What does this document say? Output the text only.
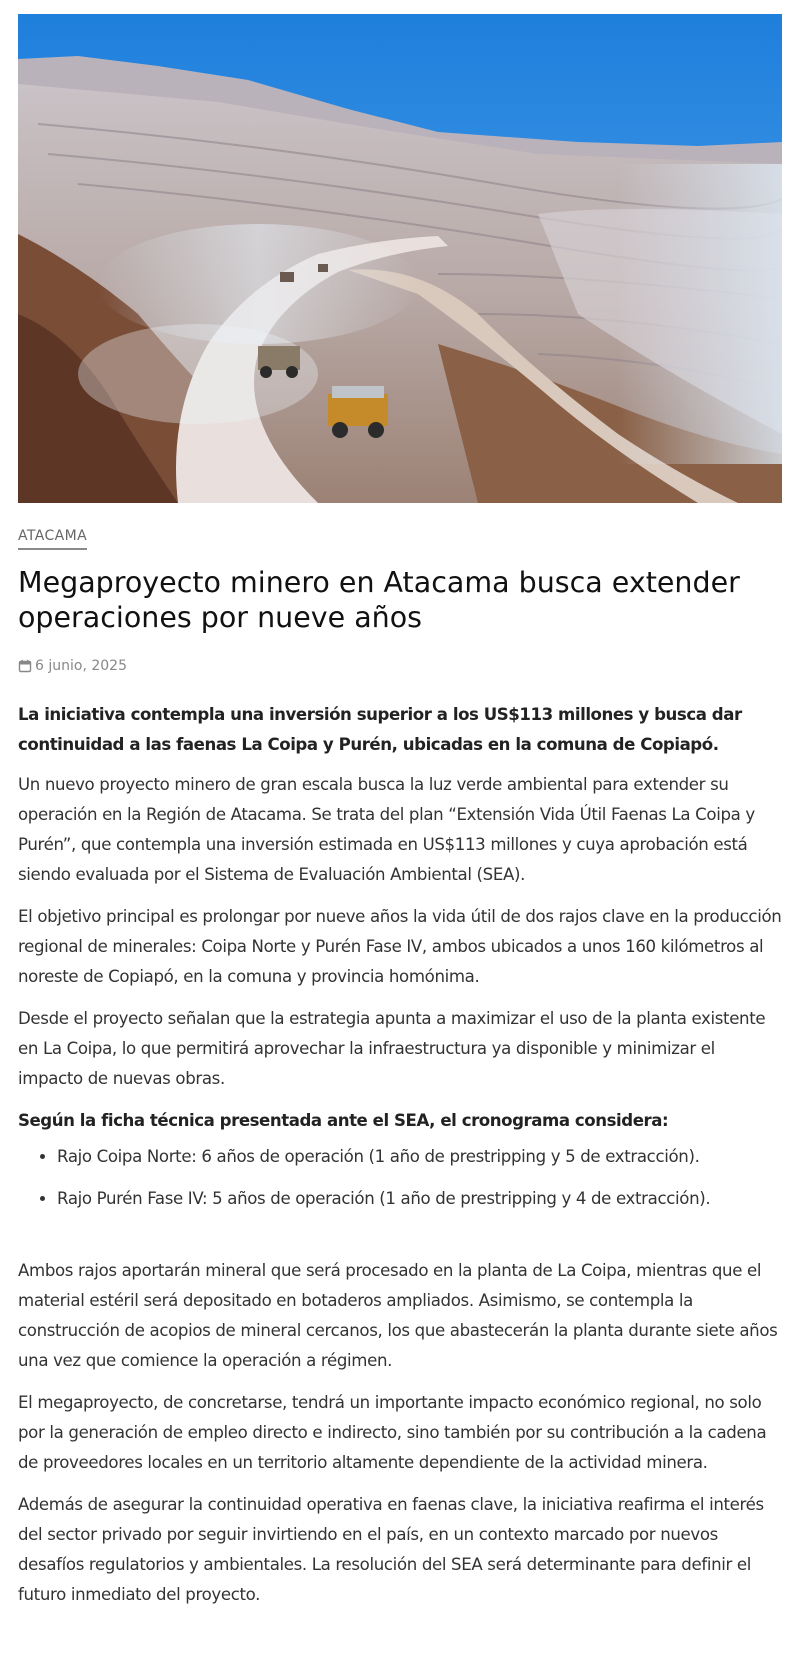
ATACAMA
Megaproyecto minero en Atacama busca extender operaciones por nueve años
6 junio, 2025

La iniciativa contempla una inversión superior a los US$113 millones y busca dar continuidad a las faenas La Coipa y Purén, ubicadas en la comuna de Copiapó.

Un nuevo proyecto minero de gran escala busca la luz verde ambiental para extender su operación en la Región de Atacama. Se trata del plan “Extensión Vida Útil Faenas La Coipa y Purén”, que contempla una inversión estimada en US$113 millones y cuya aprobación está siendo evaluada por el Sistema de Evaluación Ambiental (SEA).

El objetivo principal es prolongar por nueve años la vida útil de dos rajos clave en la producción regional de minerales: Coipa Norte y Purén Fase IV, ambos ubicados a unos 160 kilómetros al noreste de Copiapó, en la comuna y provincia homónima.

Desde el proyecto señalan que la estrategia apunta a maximizar el uso de la planta existente en La Coipa, lo que permitirá aprovechar la infraestructura ya disponible y minimizar el impacto de nuevas obras.

Según la ficha técnica presentada ante el SEA, el cronograma considera:

• Rajo Coipa Norte: 6 años de operación (1 año de prestripping y 5 de extracción).
• Rajo Purén Fase IV: 5 años de operación (1 año de prestripping y 4 de extracción).

Ambos rajos aportarán mineral que será procesado en la planta de La Coipa, mientras que el material estéril será depositado en botaderos ampliados. Asimismo, se contempla la construcción de acopios de mineral cercanos, los que abastecerán la planta durante siete años una vez que comience la operación a régimen.

El megaproyecto, de concretarse, tendrá un importante impacto económico regional, no solo por la generación de empleo directo e indirecto, sino también por su contribución a la cadena de proveedores locales en un territorio altamente dependiente de la actividad minera.

Además de asegurar la continuidad operativa en faenas clave, la iniciativa reafirma el interés del sector privado por seguir invirtiendo en el país, en un contexto marcado por nuevos desafíos regulatorios y ambientales. La resolución del SEA será determinante para definir el futuro inmediato del proyecto.
